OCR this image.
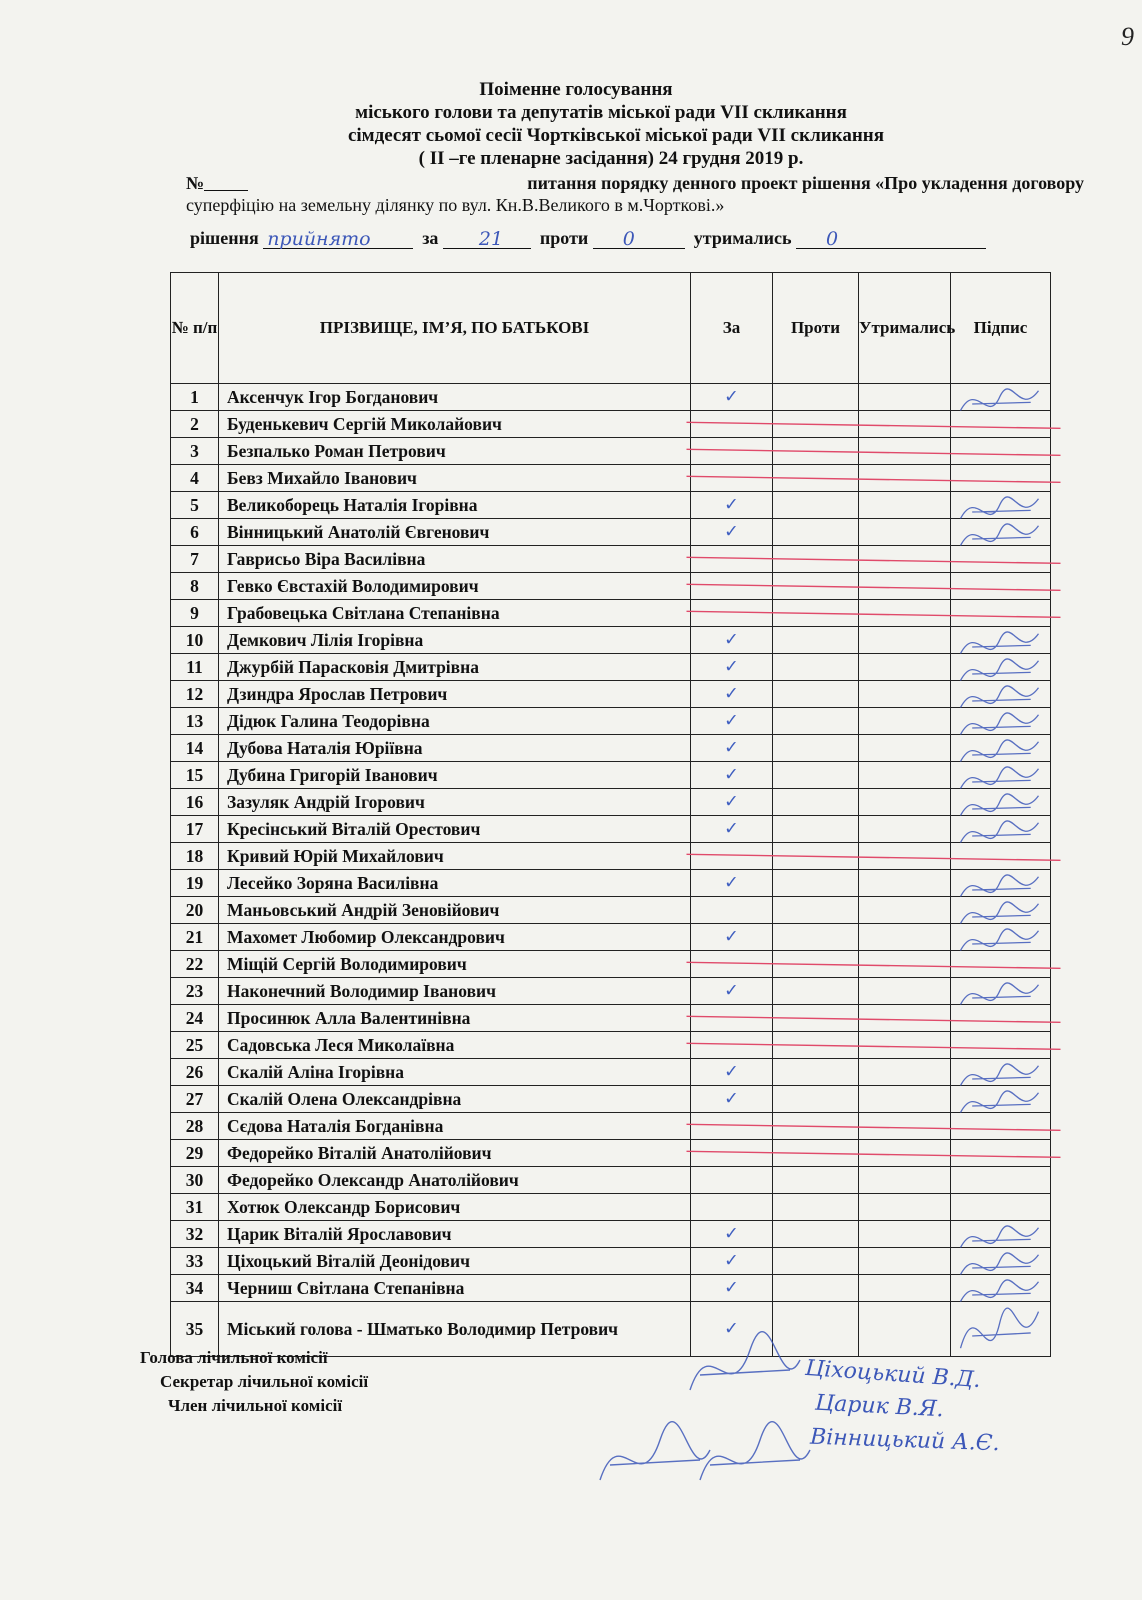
9
Поіменне голосування
міського голови та депутатів міської ради VII скликання
сімдесят сьомої сесії Чортківської міської ради VII скликання
( II –ге пленарне засідання) 24 грудня 2019 р.
№	питання порядку денного проект рішення «Про укладення договору
суперфіцію на земельну ділянку по вул. Кн.В.Великого в м.Чорткові.»
рішення прийнято	за 21 проти 0	утримались 0
№ п/п	ПРІЗВИЩЕ, ІМ’Я, ПО БАТЬКОВІ	За	Проти	Утримались	Підпис
1	Аксенчук Ігор Богданович	✓			
2	Буденькевич Сергій Миколайович				
3	Безпалько Роман Петрович				
4	Бевз Михайло Іванович				
5	Великоборець Наталія Ігорівна	✓			
6	Вінницький Анатолій Євгенович	✓			
7	Гаврисьо Віра Василівна				
8	Гевко Євстахій Володимирович				
9	Грабовецька Світлана Степанівна				
10	Демкович Лілія Ігорівна	✓			
11	Джурбій Парасковія Дмитрівна	✓			
12	Дзиндра Ярослав Петрович	✓			
13	Дідюк Галина Теодорівна	✓			
14	Дубова Наталія Юріївна	✓			
15	Дубина Григорій Іванович	✓			
16	Зазуляк Андрій Ігорович	✓			
17	Кресінський Віталій Орестович	✓			
18	Кривий Юрій Михайлович				
19	Лесейко Зоряна Василівна	✓			
20	Маньовський Андрій Зеновійович				
21	Махомет Любомир Олександрович	✓			
22	Міщій Сергій Володимирович				
23	Наконечний Володимир Іванович	✓			
24	Просинюк Алла Валентинівна				
25	Садовська Леся Миколаївна				
26	Скалій Аліна Ігорівна	✓			
27	Скалій Олена Олександрівна	✓			
28	Сєдова Наталія Богданівна				
29	Федорейко Віталій Анатолійович				
30	Федорейко Олександр Анатолійович				
31	Хотюк Олександр Борисович				
32	Царик Віталій Ярославович	✓			
33	Ціхоцький Віталій Деонідович	✓			
34	Черниш Світлана Степанівна	✓			
35	Міський голова - Шматько Володимир Петрович	✓			
Голова лічильної комісії
Секретар лічильної комісії
Член лічильної комісії
Ціхоцький В.Д.
Царик В.Я.
Вінницький А.Є.
